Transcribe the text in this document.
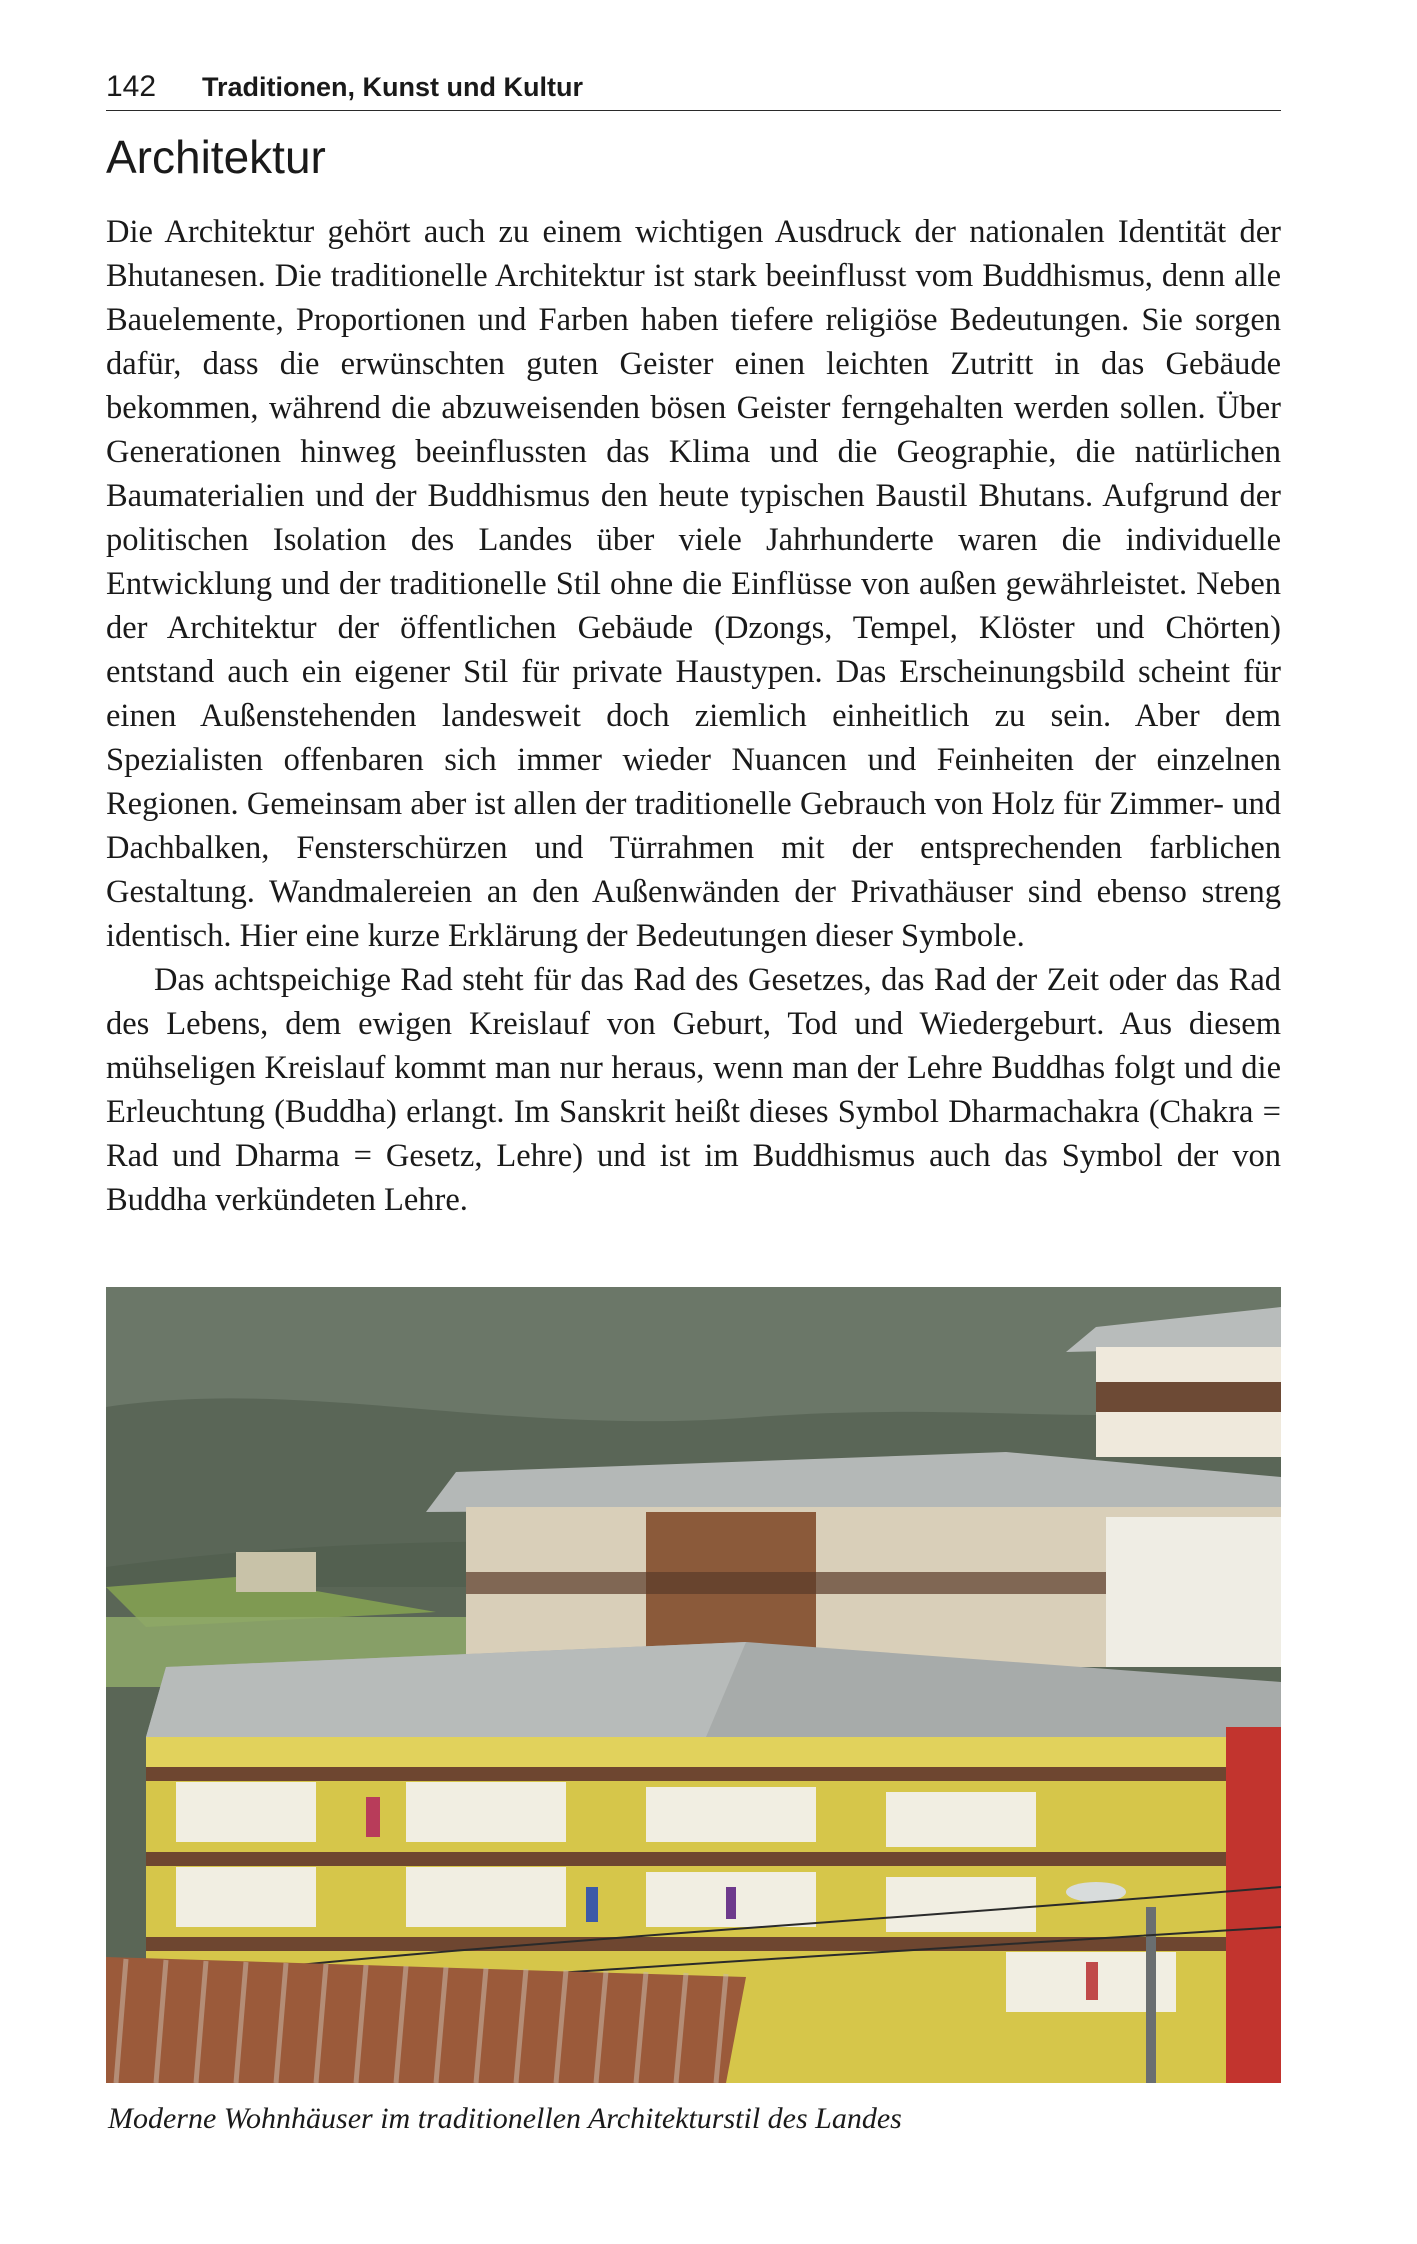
142 Traditionen, Kunst und Kultur
Architektur

Die Architektur gehört auch zu einem wichtigen Ausdruck der nationalen Identität der Bhutanesen. Die traditionelle Architektur ist stark beeinflusst vom Buddhismus, denn alle Bauelemente, Proportionen und Farben haben tiefere religiöse Bedeutungen. Sie sorgen dafür, dass die erwünschten guten Geister einen leichten Zutritt in das Gebäude bekommen, während die abzuweisenden bösen Geister ferngehalten werden sollen. Über Generationen hinweg beeinflussten das Klima und die Geographie, die natürlichen Baumaterialien und der Buddhismus den heute typischen Baustil Bhutans. Aufgrund der politischen Isolation des Landes über viele Jahrhunderte waren die individuelle Entwicklung und der traditionelle Stil ohne die Einflüsse von außen gewährleistet. Neben der Architektur der öffentlichen Gebäude (Dzongs, Tempel, Klöster und Chörten) entstand auch ein eigener Stil für private Haustypen. Das Erscheinungsbild scheint für einen Außenstehenden landesweit doch ziemlich einheitlich zu sein. Aber dem Spezialisten offenbaren sich immer wieder Nuancen und Feinheiten der einzelnen Regionen. Gemeinsam aber ist allen der traditionelle Gebrauch von Holz für Zimmer- und Dachbalken, Fensterschürzen und Türrahmen mit der entsprechenden farblichen Gestaltung. Wandmalereien an den Außenwänden der Privathäuser sind ebenso streng identisch. Hier eine kurze Erklärung der Bedeutungen dieser Symbole.

Das achtspeichige Rad steht für das Rad des Gesetzes, das Rad der Zeit oder das Rad des Lebens, dem ewigen Kreislauf von Geburt, Tod und Wiedergeburt. Aus diesem mühseligen Kreislauf kommt man nur heraus, wenn man der Lehre Buddhas folgt und die Erleuchtung (Buddha) erlangt. Im Sanskrit heißt dieses Symbol Dharmachakra (Chakra = Rad und Dharma = Gesetz, Lehre) und ist im Buddhismus auch das Symbol der von Buddha verkündeten Lehre.

Moderne Wohnhäuser im traditionellen Architekturstil des Landes
